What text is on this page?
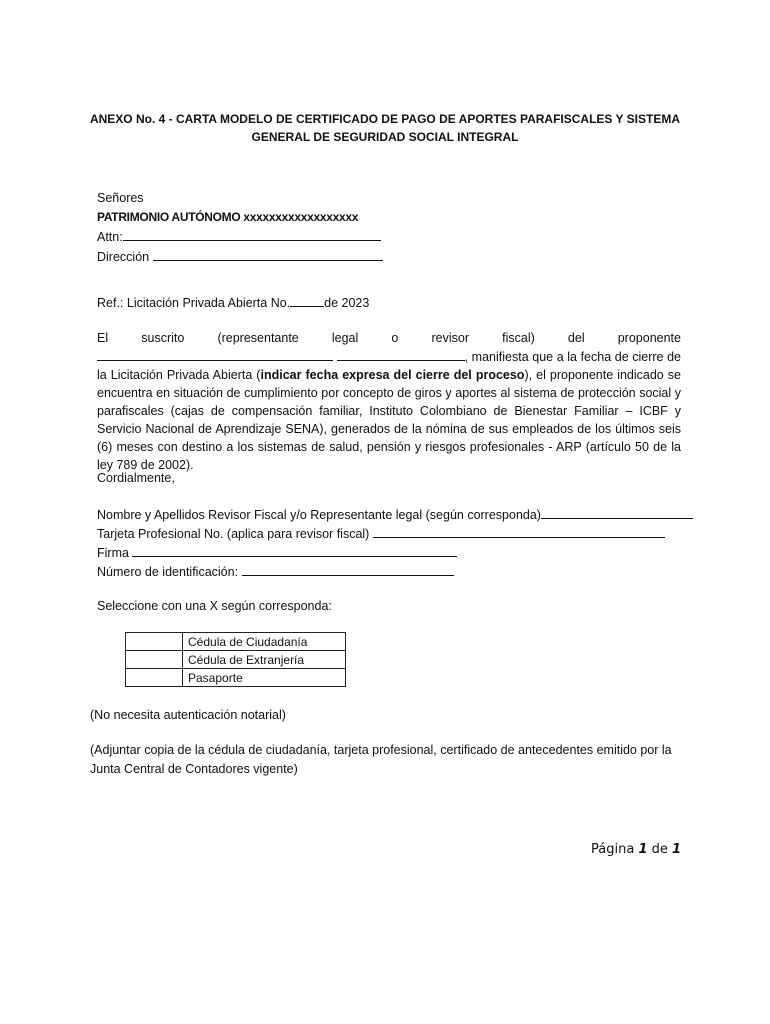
ANEXO No. 4 - CARTA MODELO DE CERTIFICADO DE PAGO DE APORTES PARAFISCALES Y SISTEMA
GENERAL DE SEGURIDAD SOCIAL INTEGRAL
Señores
PATRIMONIO AUTÓNOMO xxxxxxxxxxxxxxxxxx
Attn:
Dirección
Ref.: Licitación Privada Abierta No.	de 2023
El suscrito (representante legal o revisor fiscal) del proponente  , manifiesta que a la fecha de cierre de la Licitación Privada Abierta (indicar fecha expresa del cierre del proceso), el proponente indicado se encuentra en situación de cumplimiento por concepto de giros y aportes al sistema de protección social y parafiscales (cajas de compensación familiar, Instituto Colombiano de Bienestar Familiar – ICBF y Servicio Nacional de Aprendizaje SENA), generados de la nómina de sus empleados de los últimos seis (6) meses con destino a los sistemas de salud, pensión y riesgos profesionales - ARP (artículo 50 de la ley 789 de 2002).
Cordialmente,
Nombre y Apellidos Revisor Fiscal y/o Representante legal (según corresponda)
Tarjeta Profesional No. (aplica para revisor fiscal)
Firma
Número de identificación:
Seleccione con una X según corresponda:
	Cédula de Ciudadanía
	Cédula de Extranjería
	Pasaporte
(No necesita autenticación notarial)
(Adjuntar copia de la cédula de ciudadanía, tarjeta profesional, certificado de antecedentes emitido por la Junta Central de Contadores vigente)
Página 1 de 1
